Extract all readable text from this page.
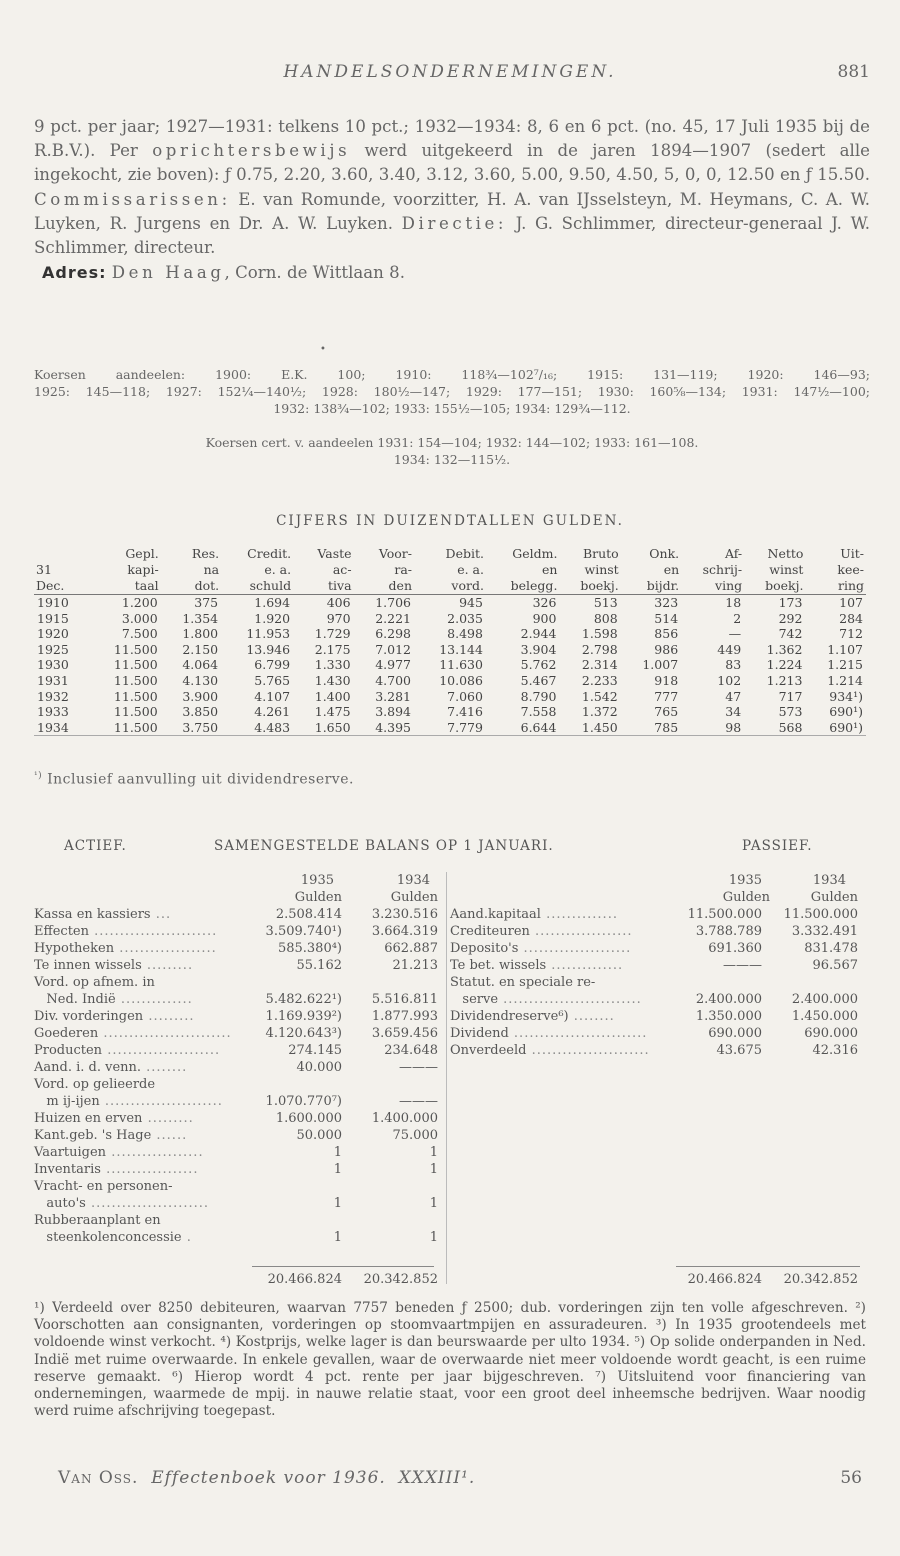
HANDELSONDERNEMINGEN.	881

9 pct. per jaar; 1927—1931: telkens 10 pct.; 1932—1934: 8, 6 en 6 pct. (no. 45, 17 Juli 1935 bij de R.B.V.). Per oprichtersbewijs werd uitgekeerd in de jaren 1894—1907 (sedert alle ingekocht, zie boven): ƒ 0.75, 2.20, 3.60, 3.40, 3.12, 3.60, 5.00, 9.50, 4.50, 5, 0, 0, 12.50 en ƒ 15.50. Commissarissen: E. van Romunde, voorzitter, H. A. van IJsselsteyn, M. Heymans, C. A. W. Luyken, R. Jurgens en Dr. A. W. Luyken. Directie: J. G. Schlimmer, directeur-generaal J. W. Schlimmer, directeur.

Adres: Den Haag, Corn. de Wittlaan 8.

•

Koersen aandeelen: 1900: E.K. 100; 1910: 118¾—102⁷/₁₆; 1915: 131—119; 1920: 146—93;

1925: 145—118; 1927: 152¼—140½; 1928: 180½—147; 1929: 177—151; 1930: 160⅝—134; 1931: 147½—100;

1932: 138¾—102; 1933: 155½—105; 1934: 129¾—112.

Koersen cert. v. aandeelen 1931: 154—104; 1932: 144—102; 1933: 161—108.

1934: 132—115½.

CIJFERS IN DUIZENDTALLEN GULDEN.
	Gepl.	Res.	Credit.	Vaste	Voor-	Debit.	Geldm.	Bruto	Onk.	Af-	Netto	Uit-
31	kapi-	na	e. a.	ac-	ra-	e. a.	en	winst	en	schrij-	winst	kee-
Dec.	taal	dot.	schuld	tiva	den	vord.	belegg.	boekj.	bijdr.	ving	boekj.	ring
1910	1.200	375	1.694	406	1.706	945	326	513	323	18	173	107
1915	3.000	1.354	1.920	970	2.221	2.035	900	808	514	2	292	284
1920	7.500	1.800	11.953	1.729	6.298	8.498	2.944	1.598	856	—	742	712
1925	11.500	2.150	13.946	2.175	7.012	13.144	3.904	2.798	986	449	1.362	1.107
1930	11.500	4.064	6.799	1.330	4.977	11.630	5.762	2.314	1.007	83	1.224	1.215
1931	11.500	4.130	5.765	1.430	4.700	10.086	5.467	2.233	918	102	1.213	1.214
1932	11.500	3.900	4.107	1.400	3.281	7.060	8.790	1.542	777	47	717	934¹)
1933	11.500	3.850	4.261	1.475	3.894	7.416	7.558	1.372	765	34	573	690¹)
1934	11.500	3.750	4.483	1.650	4.395	7.779	6.644	1.450	785	98	568	690¹)
$^{^1)}$ Inclusief aanvulling uit dividendreserve.
ACTIEF.	SAMENGESTELDE BALANS OP 1 JANUARI.	PASSIEF.
1935	1934
Gulden	Gulden
Kassa en kassiers ...	2.508.414 3.230.516
Effecten ........................	3.509.740¹) 3.664.319
Hypotheken ...................	585.380⁴)	662.887
Te innen wissels .........	55.162	21.213
Vord. op afnem. in
Ned. Indië ..............	5.482.622¹) 5.516.811
Div. vorderingen .........	1.169.939²) 1.877.993
Goederen .........................	4.120.643³) 3.659.456
Producten ......................	274.145	234.648
Aand. i. d. venn. ........	40.000	———
Vord. op gelieerde
m ij-ijen .......................	1.070.770⁷)	———
Huizen en erven .........	1.600.000 1.400.000
Kant.geb. 's Hage ......	50.000	75.000
Vaartuigen ..................	1	1
Inventaris ..................	1	1
Vracht- en personen-
auto's .......................	1	1
Rubberaanplant en
steenkolenconcessie .	1	1
1935	1934
Gulden	Gulden
Aand.kapitaal ..............	11.500.000 11.500.000
Crediteuren ...................	3.788.789 3.332.491
Deposito's .....................	691.360	831.478
Te bet. wissels ..............	———	96.567
Statut. en speciale re-
serve ...........................	2.400.000 2.400.000
Dividendreserve⁶) ........	1.350.000 1.450.000
Dividend ..........................	690.000	690.000
Onverdeeld .......................	43.675	42.316
20.466.824 20.342.852	20.466.824 20.342.852

¹) Verdeeld over 8250 debiteuren, waarvan 7757 beneden ƒ 2500; dub. vorderingen zijn ten volle afgeschreven. ²) Voorschotten aan consignanten, vorderingen op stoomvaartmpijen en assuradeuren. ³) In 1935 grootendeels met voldoende winst verkocht. ⁴) Kostprijs, welke lager is dan beurswaarde per ulto 1934. ⁵) Op solide onderpanden in Ned. Indië met ruime overwaarde. In enkele gevallen, waar de overwaarde niet meer voldoende wordt geacht, is een ruime reserve gemaakt. ⁶) Hierop wordt 4 pct. rente per jaar bijgeschreven. ⁷) Uitsluitend voor financiering van ondernemingen, waarmede de mpij. in nauwe relatie staat, voor een groot deel inheemsche bedrijven. Waar noodig werd ruime afschrijving toegepast.

Van Oss. Effectenboek voor 1936. XXXIII¹.	56
